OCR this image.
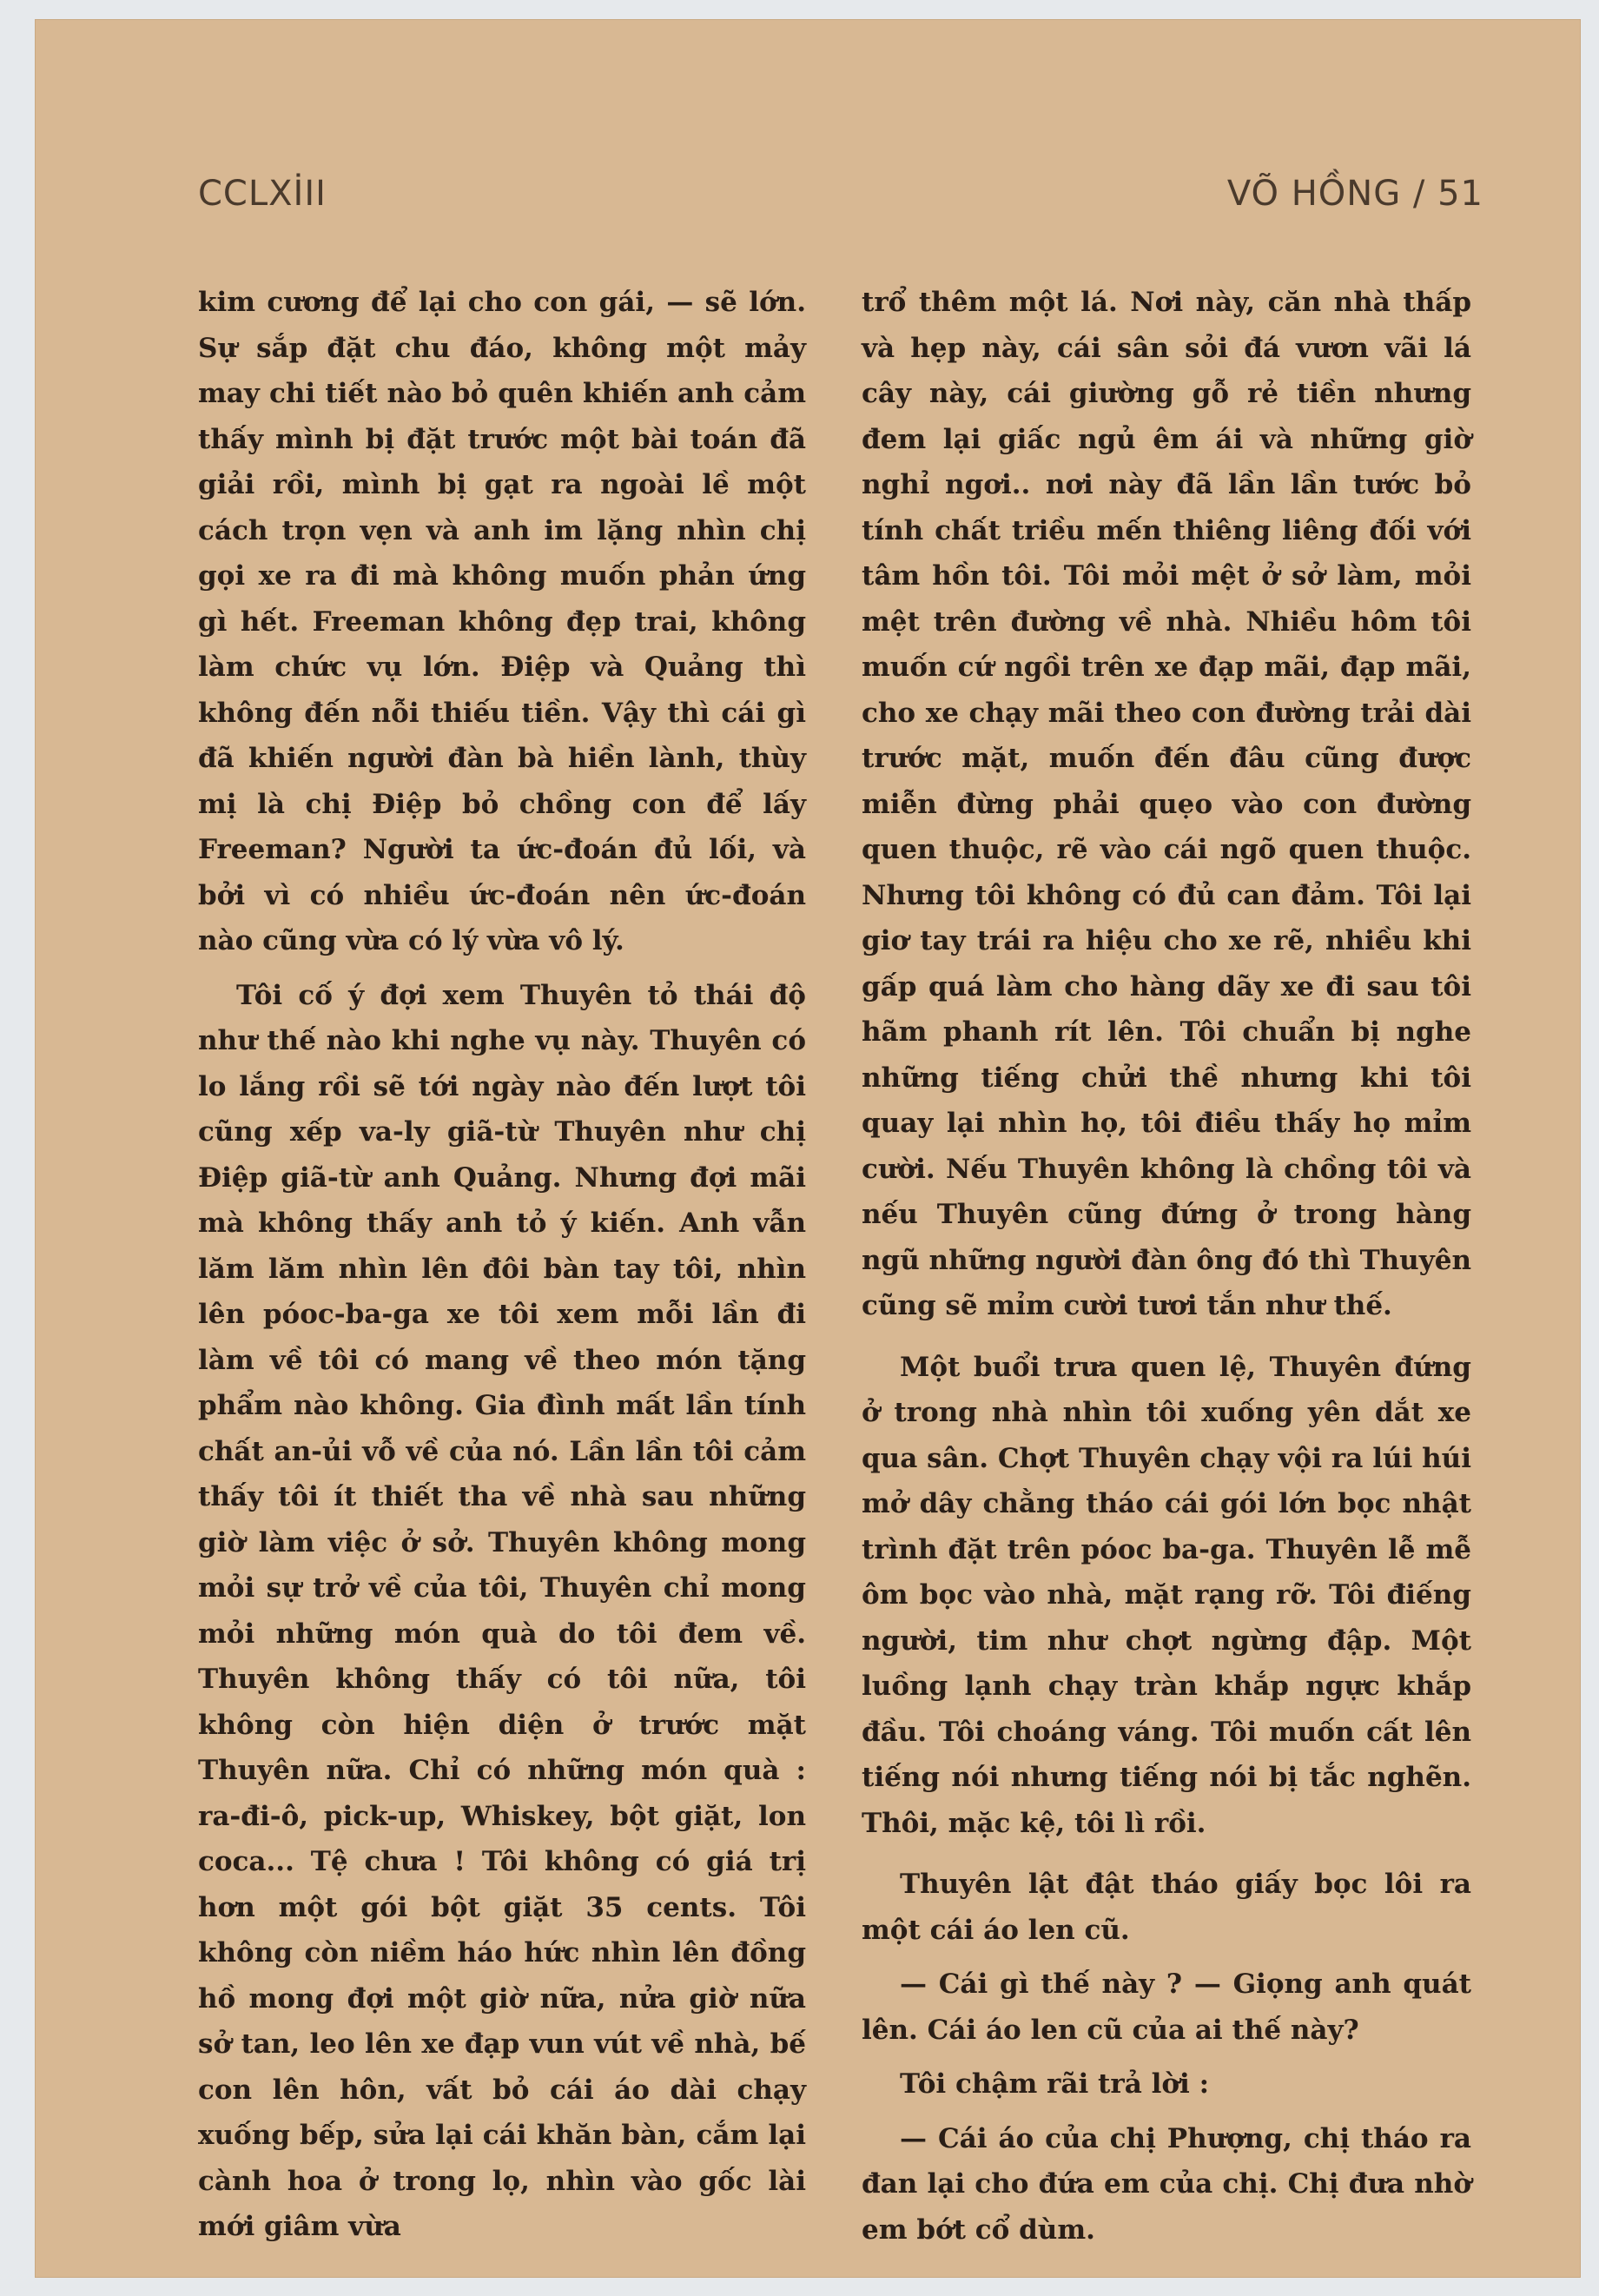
CCLXİII	VÕ HỒNG / 51

kim cương để lại cho con gái, — sẽ lớn. Sự sắp đặt chu đáo, không một mảy may chi tiết nào bỏ quên khiến anh cảm thấy mình bị đặt trước một bài toán đã giải rồi, mình bị gạt ra ngoài lề một cách trọn vẹn và anh im lặng nhìn chị gọi xe ra đi mà không muốn phản ứng gì hết. Freeman không đẹp trai, không làm chức vụ lớn. Điệp và Quảng thì không đến nỗi thiếu tiền. Vậy thì cái gì đã khiến người đàn bà hiền lành, thùy mị là chị Điệp bỏ chồng con để lấy Freeman? Người ta ức-đoán đủ lối, và bởi vì có nhiều ức-đoán nên ức-đoán nào cũng vừa có lý vừa vô lý.

Tôi cố ý đợi xem Thuyên tỏ thái độ như thế nào khi nghe vụ này. Thuyên có lo lắng rồi sẽ tới ngày nào đến lượt tôi cũng xếp va-ly giã-từ Thuyên như chị Điệp giã-từ anh Quảng. Nhưng đợi mãi mà không thấy anh tỏ ý kiến. Anh vẫn lăm lăm nhìn lên đôi bàn tay tôi, nhìn lên póoc-ba-ga xe tôi xem mỗi lần đi làm về tôi có mang về theo món tặng phẩm nào không. Gia đình mất lần tính chất an-ủi vỗ về của nó. Lần lần tôi cảm thấy tôi ít thiết tha về nhà sau những giờ làm việc ở sở. Thuyên không mong mỏi sự trở về của tôi, Thuyên chỉ mong mỏi những món quà do tôi đem về. Thuyên không thấy có tôi nữa, tôi không còn hiện diện ở trước mặt Thuyên nữa. Chỉ có những món quà : ra-đi-ô, pick-up, Whiskey, bột giặt, lon coca... Tệ chưa ! Tôi không có giá trị hơn một gói bột giặt 35 cents. Tôi không còn niềm háo hức nhìn lên đồng hồ mong đợi một giờ nữa, nửa giờ nữa sở tan, leo lên xe đạp vun vút về nhà, bế con lên hôn, vất bỏ cái áo dài chạy xuống bếp, sửa lại cái khăn bàn, cắm lại cành hoa ở trong lọ, nhìn vào gốc lài mới giâm vừa

trổ thêm một lá. Nơi này, căn nhà thấp và hẹp này, cái sân sỏi đá vươn vãi lá cây này, cái giường gỗ rẻ tiền nhưng đem lại giấc ngủ êm ái và những giờ nghỉ ngơi.. nơi này đã lần lần tước bỏ tính chất triều mến thiêng liêng đối với tâm hồn tôi. Tôi mỏi mệt ở sở làm, mỏi mệt trên đường về nhà. Nhiều hôm tôi muốn cứ ngồi trên xe đạp mãi, đạp mãi, cho xe chạy mãi theo con đường trải dài trước mặt, muốn đến đâu cũng được miễn đừng phải quẹo vào con đường quen thuộc, rẽ vào cái ngõ quen thuộc. Nhưng tôi không có đủ can đảm. Tôi lại giơ tay trái ra hiệu cho xe rẽ, nhiều khi gấp quá làm cho hàng dãy xe đi sau tôi hãm phanh rít lên. Tôi chuẩn bị nghe những tiếng chửi thề nhưng khi tôi quay lại nhìn họ, tôi điều thấy họ mỉm cười. Nếu Thuyên không là chồng tôi và nếu Thuyên cũng đứng ở trong hàng ngũ những người đàn ông đó thì Thuyên cũng sẽ mỉm cười tươi tắn như thế.

Một buổi trưa quen lệ, Thuyên đứng ở trong nhà nhìn tôi xuống yên dắt xe qua sân. Chợt Thuyên chạy vội ra lúi húi mở dây chằng tháo cái gói lớn bọc nhật trình đặt trên póoc ba-ga. Thuyên lễ mễ ôm bọc vào nhà, mặt rạng rỡ. Tôi điếng người, tim như chợt ngừng đập. Một luồng lạnh chạy tràn khắp ngực khắp đầu. Tôi choáng váng. Tôi muốn cất lên tiếng nói nhưng tiếng nói bị tắc nghẽn. Thôi, mặc kệ, tôi lì rồi.

Thuyên lật đật tháo giấy bọc lôi ra một cái áo len cũ.

— Cái gì thế này ? — Giọng anh quát lên. Cái áo len cũ của ai thế này?

Tôi chậm rãi trả lời :

— Cái áo của chị Phượng, chị tháo ra đan lại cho đứa em của chị. Chị đưa nhờ em bớt cổ dùm.
